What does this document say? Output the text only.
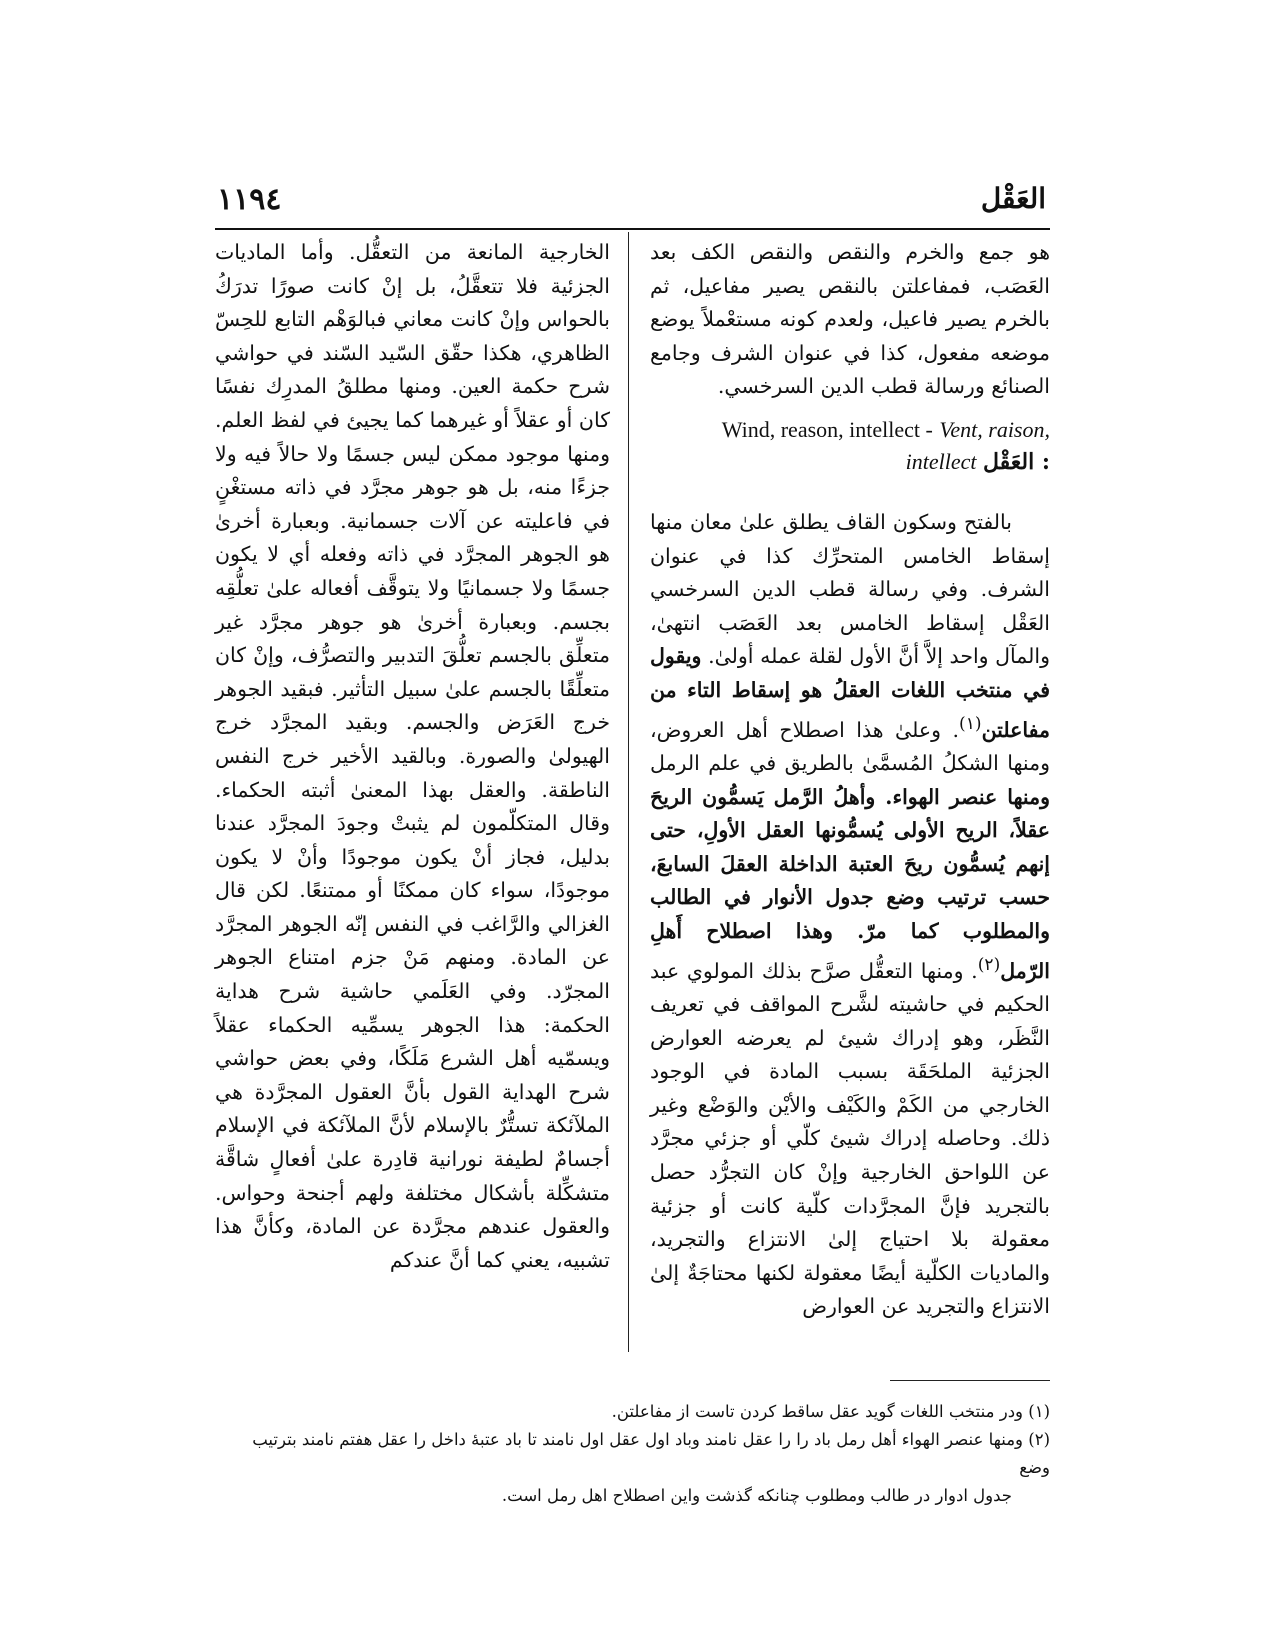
١١٩٤	العَقْل

هو جمع والخرم والنقص والنقص الكف بعد العَصَب، فمفاعلتن بالنقص يصير مفاعيل، ثم بالخرم يصير فاعيل، ولعدم كونه مستعْملاً يوضع موضعه مفعول، كذا في عنوان الشرف وجامع الصنائع ورسالة قطب الدين السرخسي.

Wind, reason, intellect - Vent, raison, intellect العَقْل :

بالفتح وسكون القاف يطلق علىٰ معان منها إسقاط الخامس المتحرِّك كذا في عنوان الشرف. وفي رسالة قطب الدين السرخسي العَقْل إسقاط الخامس بعد العَصَب انتهىٰ، والمآل واحد إلاَّ أنَّ الأول لقلة عمله أولىٰ. ويقول في منتخب اللغات العقلُ هو إسقاط التاء من مفاعلتن$^{(١)}$. وعلىٰ هذا اصطلاح أهل العروض، ومنها الشكلُ المُسمَّىٰ بالطريق في علم الرمل ومنها عنصر الهواء. وأهلُ الرَّمل يَسمُّون الريحَ عقلاً، الريح الأولى يُسمُّونها العقل الأولِ، حتى إنهم يُسمُّون ريحَ العتبة الداخلة العقلَ السابعَ، حسب ترتيب وضع جدول الأنوار في الطالب والمطلوب كما مرّ. وهذا اصطلاح أَهلِ الرّمل$^{(٢)}$. ومنها التعقُّل صرَّح بذلك المولوي عبد الحكيم في حاشيته لشَّرح المواقف في تعريف النَّظَر، وهو إدراك شيئ لم يعرضه العوارض الجزئية الملحَقَة بسبب المادة في الوجود الخارجي من الكَمْ والكَيْف والأيْن والوَضْع وغير ذلك. وحاصله إدراك شيئ كلّي أو جزئي مجرَّد عن اللواحق الخارجية وإنْ كان التجرُّد حصل بالتجريد فإنَّ المجرَّدات كلّية كانت أو جزئية معقولة بلا احتياج إلىٰ الانتزاع والتجريد، والماديات الكلّية أيضًا معقولة لكنها محتاجَةٌ إلىٰ الانتزاع والتجريد عن العوارض

الخارجية المانعة من التعقُّل. وأما الماديات الجزئية فلا تتعقَّلُ، بل إنْ كانت صورًا تدرَكُ بالحواس وإنْ كانت معاني فبالوَهْم التابع للحِسّ الظاهري، هكذا حقّق السّيد السّند في حواشي شرح حكمة العين. ومنها مطلقُ المدرِك نفسًا كان أو عقلاً أو غيرهما كما يجيئ في لفظ العلم. ومنها موجود ممكن ليس جسمًا ولا حالاً فيه ولا جزءًا منه، بل هو جوهر مجرَّد في ذاته مستغْنٍ في فاعليته عن آلات جسمانية. وبعبارة أخرىٰ هو الجوهر المجرَّد في ذاته وفعله أي لا يكون جسمًا ولا جسمانيًا ولا يتوقَّف أفعاله علىٰ تعلُّقِه بجسم. وبعبارة أخرىٰ هو جوهر مجرَّد غير متعلِّق بالجسم تعلُّقَ التدبير والتصرُّف، وإنْ كان متعلِّقًا بالجسم علىٰ سبيل التأثير. فبقيد الجوهر خرج العَرَض والجسم. وبقيد المجرَّد خرج الهيولىٰ والصورة. وبالقيد الأخير خرج النفس الناطقة. والعقل بهذا المعنىٰ أثبته الحكماء. وقال المتكلّمون لم يثبتْ وجودَ المجرَّد عندنا بدليل، فجاز أنْ يكون موجودًا وأنْ لا يكون موجودًا، سواء كان ممكنًا أو ممتنعًا. لكن قال الغزالي والرَّاغب في النفس إنّه الجوهر المجرَّد عن المادة. ومنهم مَنْ جزم امتناع الجوهر المجرّد. وفي العَلَمي حاشية شرح هداية الحكمة: هذا الجوهر يسمِّيه الحكماء عقلاً ويسمّيه أهل الشرع مَلَكًا، وفي بعض حواشي شرح الهداية القول بأنَّ العقول المجرَّدة هي الملآئكة تستُّرٌ بالإسلام لأنَّ الملآئكة في الإسلام أجسامٌ لطيفة نورانية قادِرة علىٰ أفعالٍ شاقَّة متشكِّلة بأشكال مختلفة ولهم أجنحة وحواس. والعقول عندهم مجرَّدة عن المادة، وكأنَّ هذا تشبيه، يعني كما أنَّ عندكم

(١) ودر منتخب اللغات گويد عقل ساقط كردن تاست از مفاعلتن.

(٢) ومنها عنصر الهواء أهل رمل باد را را عقل نامند وباد اول عقل اول نامند تا باد عتبهٔ داخل را عقل هفتم نامند بترتيب وضع

جدول ادوار در طالب ومطلوب چنانكه گذشت واين اصطلاح اهل رمل است.
